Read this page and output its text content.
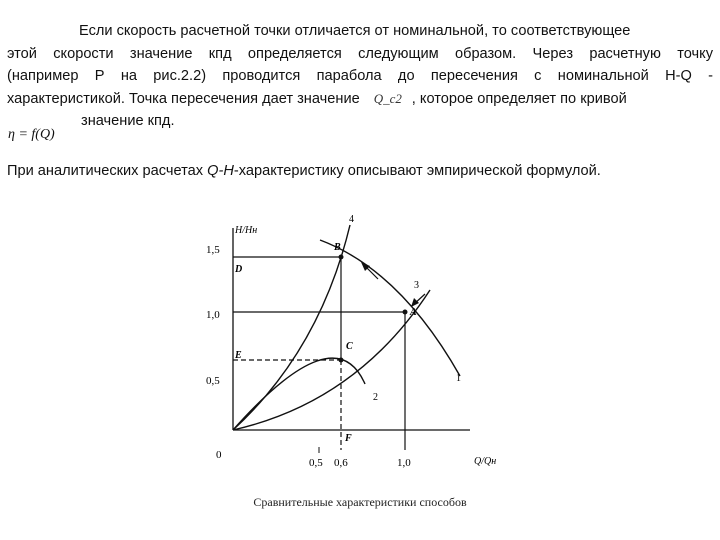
Если скорость расчетной точки отличается от номинальной, то соответствующее
этой скорости значение кпд определяется следующим образом. Через расчетную точку
(например Р на рис.2.2) проводится парабола до пересечения с номинальной H-Q -
характеристикой. Точка пересечения дает значение Q_c2 , которое определяет по кривой
значение кпд.
η = f(Q)
При аналитических расчетах Q-H-характеристику описывают эмпирической формулой.
H/Hн
Q/Qн
1,5
1,0
0,5
0
0,5 0,6	1,0
B
D
A
C
E
F
4
3
2
1
Сравнительные характеристики способов
